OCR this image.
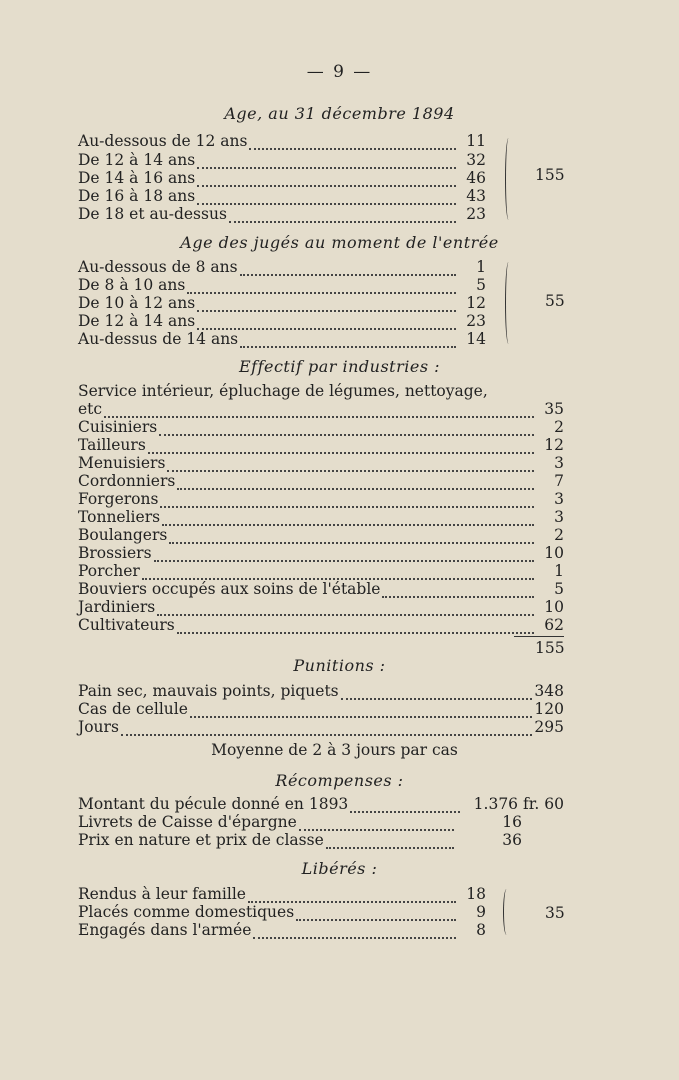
— 9 —
Age, au 31 décembre 1894
Au-dessous de 12 ans	11
De 12 à 14 ans	32
De 14 à 16 ans	46
De 16 à 18 ans	43
De 18 et au-dessus	23
155
Age des jugés au moment de l'entrée
Au-dessous de 8 ans	1
De 8 à 10 ans	5
De 10 à 12 ans	12
De 12 à 14 ans	23
Au-dessus de 14 ans	14
55
Effectif par industries :
Service intérieur, épluchage de légumes, nettoyage,
etc	35
Cuisiniers	2
Tailleurs	12
Menuisiers	3
Cordonniers	7
Forgerons	3
Tonneliers	3
Boulangers	2
Brossiers	10
Porcher	1
Bouviers occupés aux soins de l'étable	5
Jardiniers	10
Cultivateurs	62
155
Punitions :
Pain sec, mauvais points, piquets	348
Cas de cellule	120
Jours	295
Moyenne de 2 à 3 jours par cas
Récompenses :
Montant du pécule donné en 1893	1.376 fr. 60
Livrets de Caisse d'épargne	16
Prix en nature et prix de classe	36
Libérés :
Rendus à leur famille	18
Placés comme domestiques	9
Engagés dans l'armée	8
35
